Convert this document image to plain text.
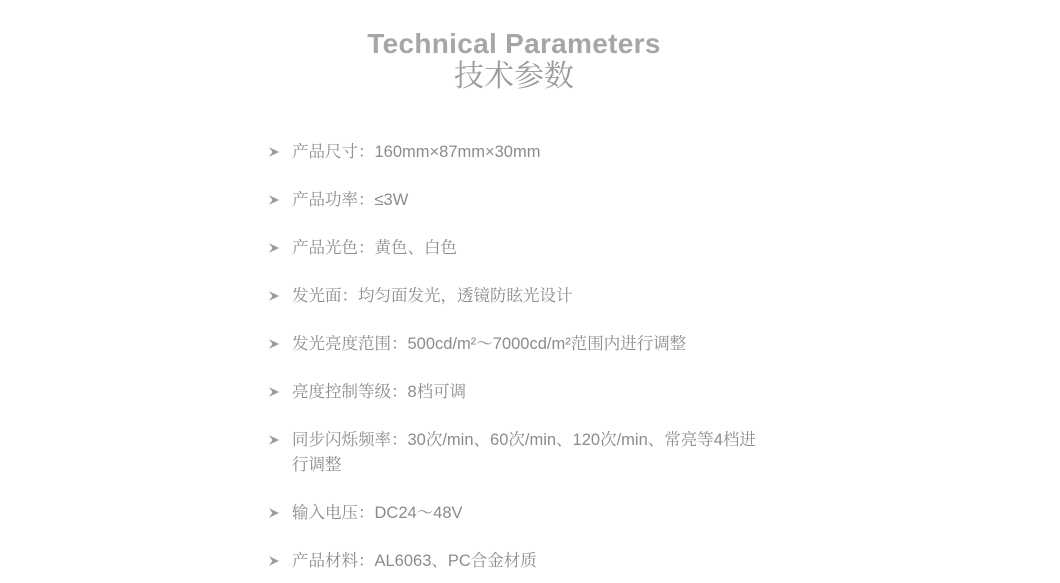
Technical Parameters
技术参数
产品尺寸：160mm×87mm×30mm
产品功率：≤3W
产品光色：黄色、白色
发光面：均匀面发光，透镜防眩光设计
发光亮度范围：500cd/m²～7000cd/m²范围内进行调整
亮度控制等级：8档可调
同步闪烁频率：30次/min、60次/min、120次/min、常亮等4档进行调整
输入电压：DC24～48V
产品材料：AL6063、PC合金材质
